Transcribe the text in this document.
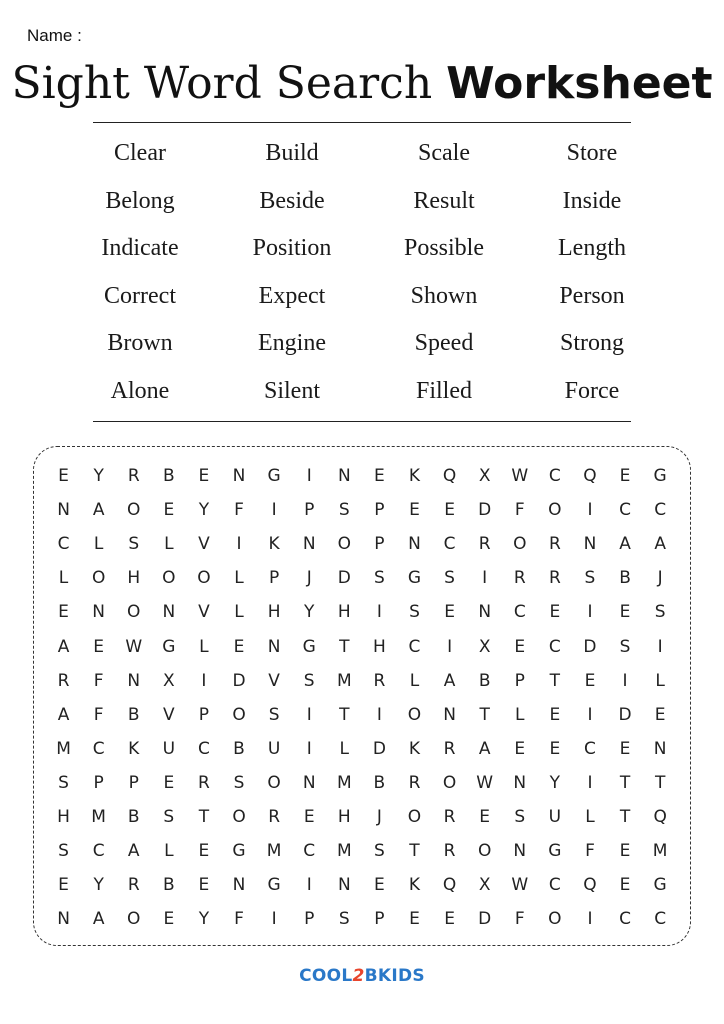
Name :
Sight Word Search Worksheet
Clear	Build	Scale	Store
Belong	Beside	Result	Inside
Indicate	Position	Possible	Length
Correct	Expect	Shown	Person
Brown	Engine	Speed	Strong
Alone	Silent	Filled	Force
E	Y	R	B	E	N	G	I	N	E	K	Q	X	W	C	Q	E	G
N	A	O	E	Y	F	I	P	S	P	E	E	D	F	O	I	C	C
C	L	S	L	V	I	K	N	O	P	N	C	R	O	R	N	A	A
L	O	H	O	O	L	P	J	D	S	G	S	I	R	R	S	B	J
E	N	O	N	V	L	H	Y	H	I	S	E	N	C	E	I	E	S
A	E	W	G	L	E	N	G	T	H	C	I	X	E	C	D	S	I
R	F	N	X	I	D	V	S	M	R	L	A	B	P	T	E	I	L
A	F	B	V	P	O	S	I	T	I	O	N	T	L	E	I	D	E
M	C	K	U	C	B	U	I	L	D	K	R	A	E	E	C	E	N
S	P	P	E	R	S	O	N	M	B	R	O	W	N	Y	I	T	T
H	M	B	S	T	O	R	E	H	J	O	R	E	S	U	L	T	Q
S	C	A	L	E	G	M	C	M	S	T	R	O	N	G	F	E	M
E	Y	R	B	E	N	G	I	N	E	K	Q	X	W	C	Q	E	G
N	A	O	E	Y	F	I	P	S	P	E	E	D	F	O	I	C	C
COOL2BKIDS
